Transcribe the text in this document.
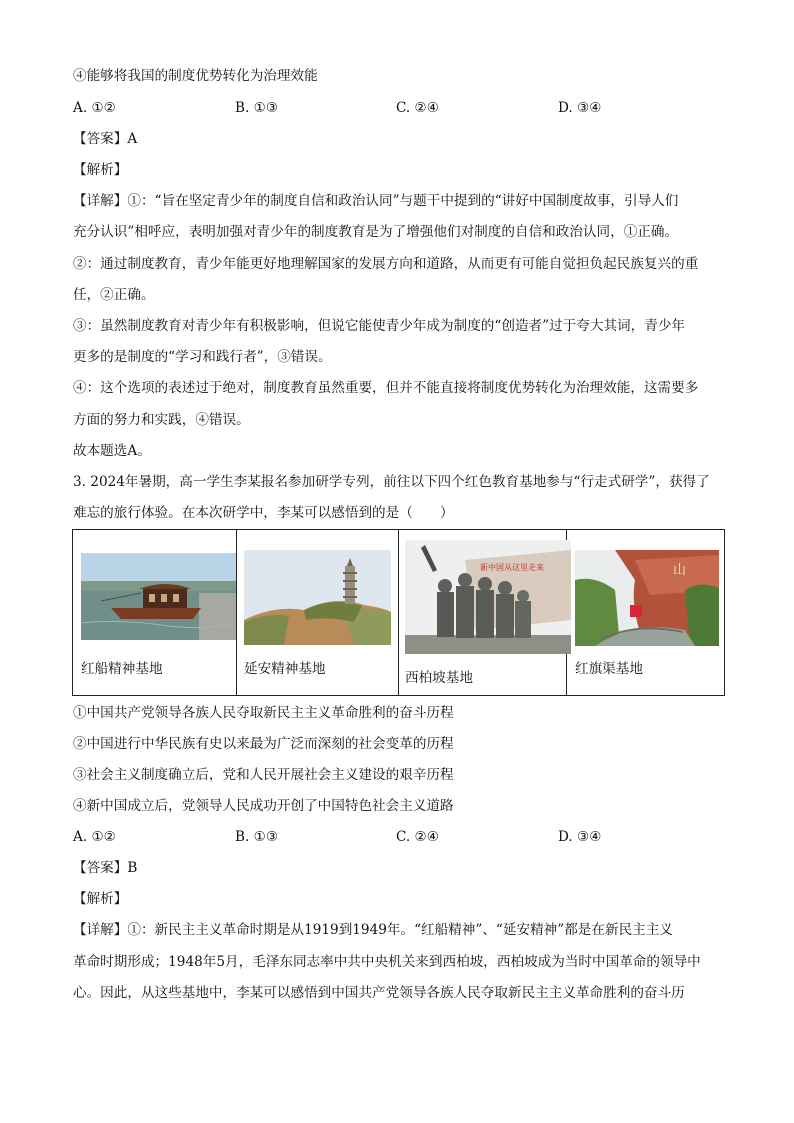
④能够将我国的制度优势转化为治理效能
A. ①②	B. ①③	C. ②④	D. ③④
【答案】A
【解析】
【详解】①：“旨在坚定青少年的制度自信和政治认同”与题干中提到的“讲好中国制度故事，引导人们
充分认识”相呼应，表明加强对青少年的制度教育是为了增强他们对制度的自信和政治认同，①正确。
②：通过制度教育，青少年能更好地理解国家的发展方向和道路，从而更有可能自觉担负起民族复兴的重
任，②正确。
③：虽然制度教育对青少年有积极影响，但说它能使青少年成为制度的“创造者”过于夸大其词，青少年
更多的是制度的“学习和践行者”，③错误。
④：这个选项的表述过于绝对，制度教育虽然重要，但并不能直接将制度优势转化为治理效能，这需要多
方面的努力和实践，④错误。
故本题选A。
3. 2024年暑期，高一学生李某报名参加研学专列，前往以下四个红色教育基地参与“行走式研学”，获得了
难忘的旅行体验。在本次研学中，李某可以感悟到的是（　　）
红船精神基地	延安精神基地

新中国从这里走来
西柏坡基地

山
红旗渠基地
①中国共产党领导各族人民夺取新民主主义革命胜利的奋斗历程
②中国进行中华民族有史以来最为广泛而深刻的社会变革的历程
③社会主义制度确立后，党和人民开展社会主义建设的艰辛历程
④新中国成立后，党领导人民成功开创了中国特色社会主义道路
A. ①②	B. ①③	C. ②④	D. ③④
【答案】B
【解析】
【详解】①：新民主主义革命时期是从1919到1949年。“红船精神”、“延安精神”都是在新民主主义
革命时期形成；1948年5月，毛泽东同志率中共中央机关来到西柏坡，西柏坡成为当时中国革命的领导中
心。因此，从这些基地中，李某可以感悟到中国共产党领导各族人民夺取新民主主义革命胜利的奋斗历
